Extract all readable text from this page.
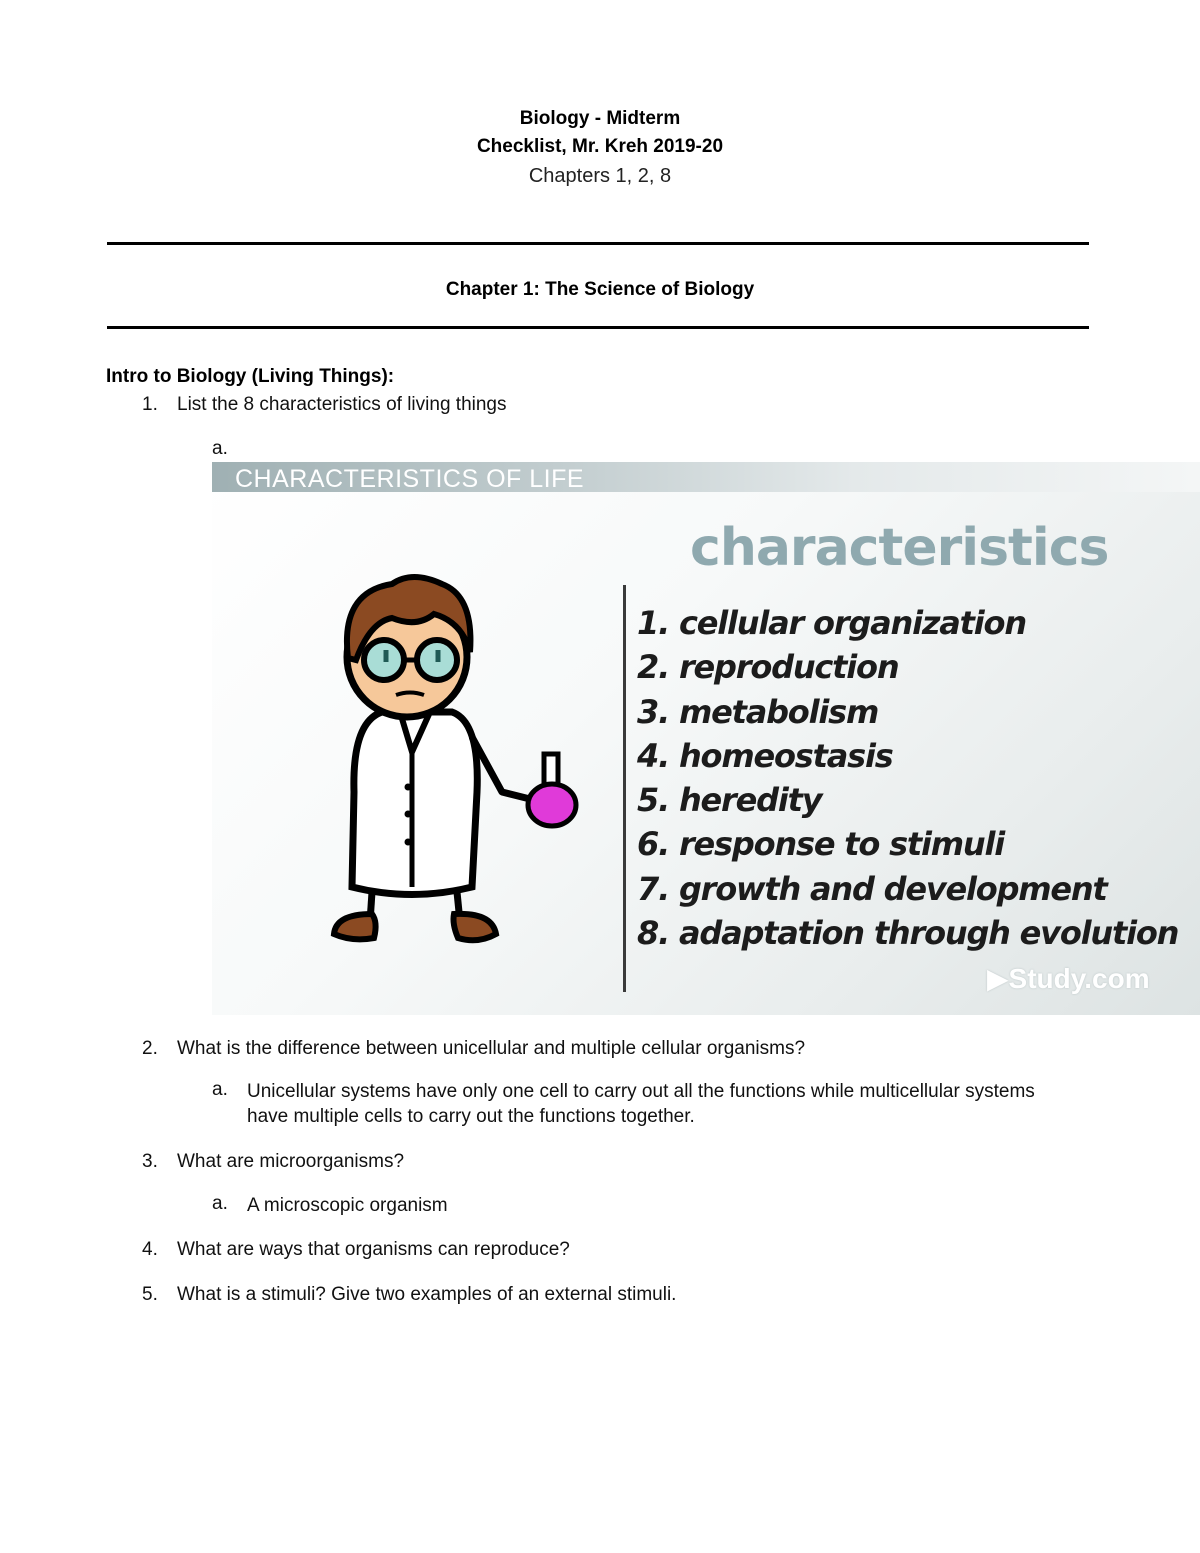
Biology - Midterm
Checklist, Mr. Kreh 2019-20
Chapters 1, 2, 8
Chapter 1: The Science of Biology
Intro to Biology (Living Things):
1. List the 8 characteristics of living things
a.
CHARACTERISTICS OF LIFE
characteristics
1. cellular organization
2. reproduction
3. metabolism
4. homeostasis
5. heredity
6. response to stimuli
7. growth and development
8. adaptation through evolution
▶Study.com
2. What is the difference between unicellular and multiple cellular organisms?
a. Unicellular systems have only one cell to carry out all the functions while multicellular systems have multiple cells to carry out the functions together.
3. What are microorganisms?
a. A microscopic organism
4. What are ways that organisms can reproduce?
5. What is a stimuli? Give two examples of an external stimuli.
